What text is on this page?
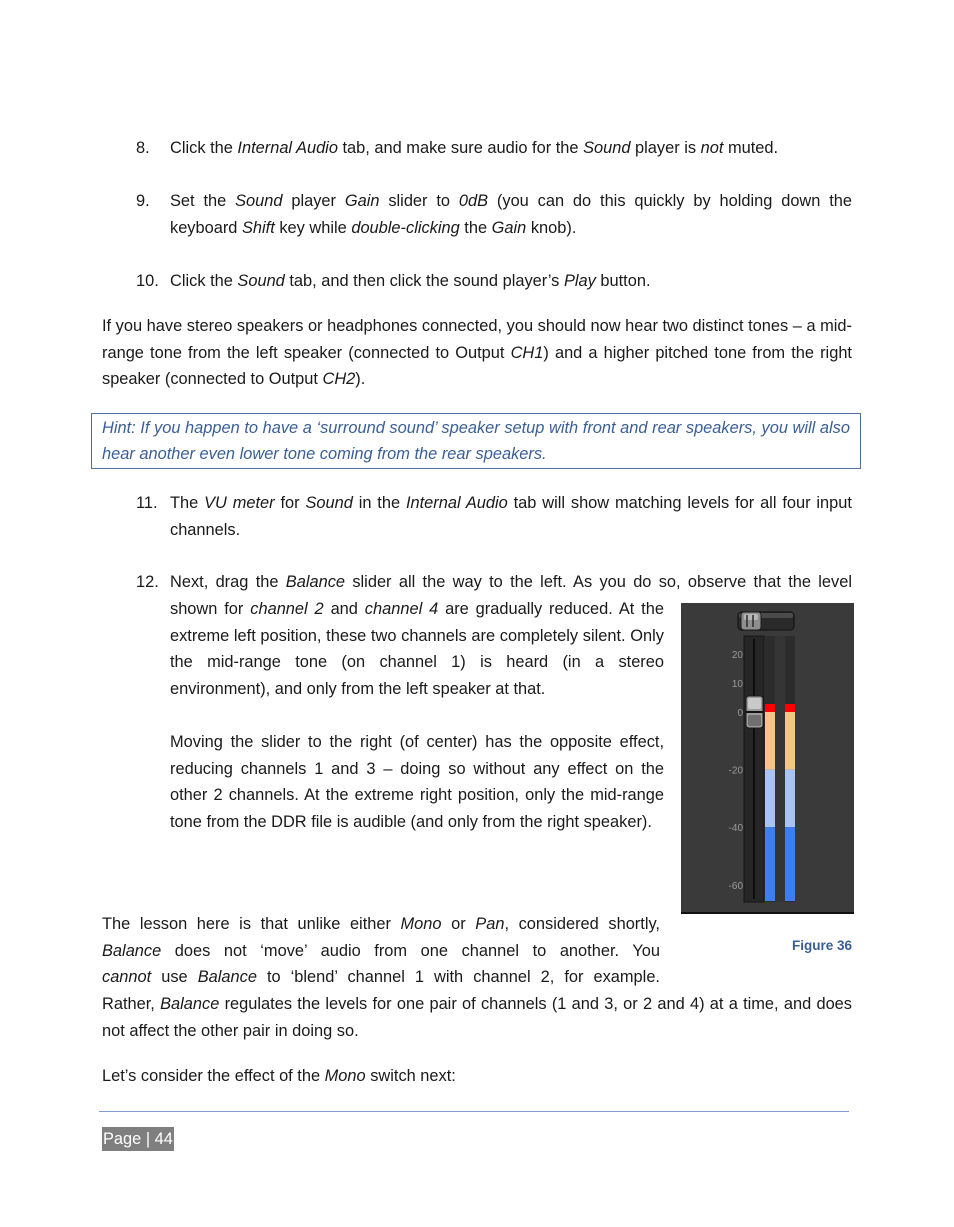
8. Click the Internal Audio tab, and make sure audio for the Sound player is not muted.

9. Set the Sound player Gain slider to 0dB (you can do this quickly by holding down the keyboard Shift key while double-clicking the Gain knob).

10. Click the Sound tab, and then click the sound player’s Play button.

If you have stereo speakers or headphones connected, you should now hear two distinct tones – a mid-range tone from the left speaker (connected to Output CH1) and a higher pitched tone from the right speaker (connected to Output CH2).

Hint: If you happen to have a ‘surround sound’ speaker setup with front and rear speakers, you will also hear another even lower tone coming from the rear speakers.

11. The VU meter for Sound in the Internal Audio tab will show matching levels for all four input channels.

12. Next, drag the Balance slider all the way to the left. As you do so, observe that the level

shown for channel 2 and channel 4 are gradually reduced. At the extreme left position, these two channels are completely silent. Only the mid-range tone (on channel 1) is heard (in a stereo environment), and only from the left speaker at that.

Moving the slider to the right (of center) has the opposite effect, reducing channels 1 and 3 – doing so without any effect on the other 2 channels. At the extreme right position, only the mid-range tone from the DDR file is audible (and only from the right speaker).

20
10
0
-20
-40
-60
Figure 36

The lesson here is that unlike either Mono or Pan, considered shortly,

Balance does not ‘move’ audio from one channel to another. You

cannot use Balance to ‘blend’ channel 1 with channel 2, for example.

Rather, Balance regulates the levels for one pair of channels (1 and 3, or 2 and 4) at a time, and does not affect the other pair in doing so.

Let’s consider the effect of the Mono switch next:

Page | 44
